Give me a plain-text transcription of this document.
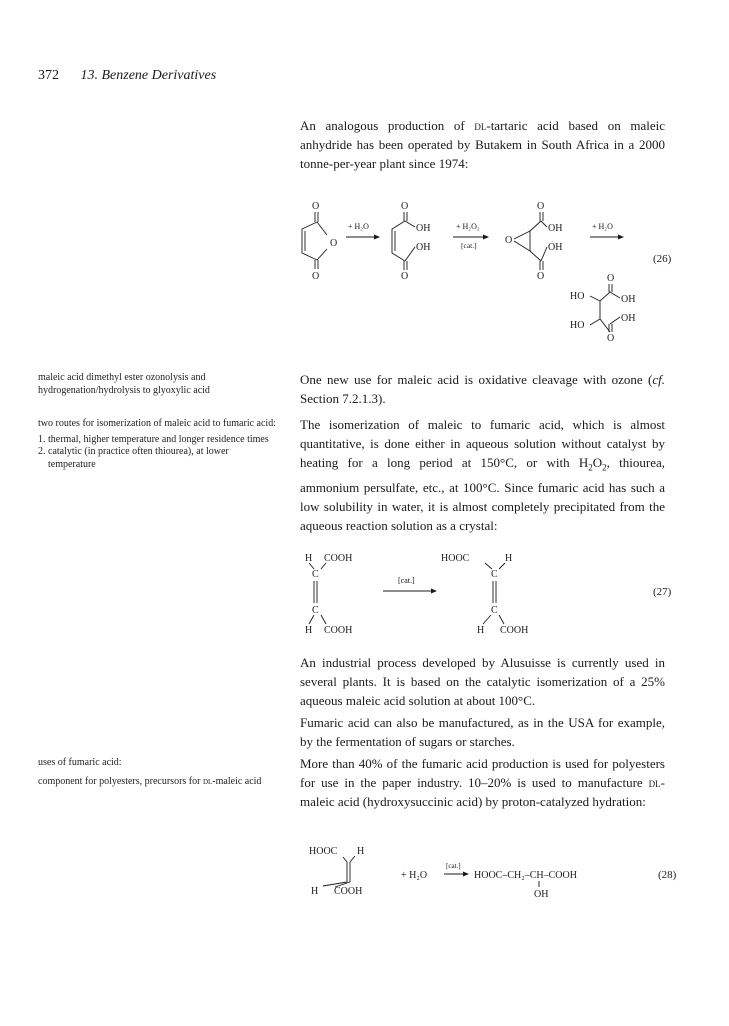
372 13. Benzene Derivatives

An analogous production of dl-tartaric acid based on maleic anhydride has been operated by Butakem in South Africa in a 2000 tonne-per-year plant since 1974:

O
O
O
+ H₂O
O
O
OH
OH
+ H₂O₂
[cat.]
O
O
OH
OH
O
+ H₂O
(26)
O
O
HO
HO
OH
OH

maleic acid dimethyl ester ozonolysis and hydrogenation/hydrolysis to glyoxylic acid

One new use for maleic acid is oxidative cleavage with ozone (cf. Section 7.2.1.3).

two routes for isomerization of maleic acid to fumaric acid:

1. thermal, higher temperature and longer residence times
2. catalytic (in practice often thiourea), at lower temperature

The isomerization of maleic to fumaric acid, which is almost quantitative, is done either in aqueous solution without catalyst by heating for a long period at 150°C, or with $H_2O_2$, thiourea, ammonium persulfate, etc., at 100°C. Since fumaric acid has such a low solubility in water, it is almost completely precipitated from the aqueous reaction solution as a crystal:

H COOH
C
C
H COOH
[cat.]
HOOC	H
C
C
H COOH
(27)

An industrial process developed by Alusuisse is currently used in several plants. It is based on the catalytic isomerization of a 25% aqueous maleic acid solution at about 100°C.

Fumaric acid can also be manufactured, as in the USA for example, by the fermentation of sugars or starches.

uses of fumaric acid:

component for polyesters, precursors for dl-maleic acid

More than 40% of the fumaric acid production is used for polyesters for use in the paper industry. 10–20% is used to manufacture dl-maleic acid (hydroxysuccinic acid) by proton-catalyzed hydration:

HOOC H
H COOH
+ H₂O
[cat.]
HOOC–CH₂–CH–COOH
OH
(28)
